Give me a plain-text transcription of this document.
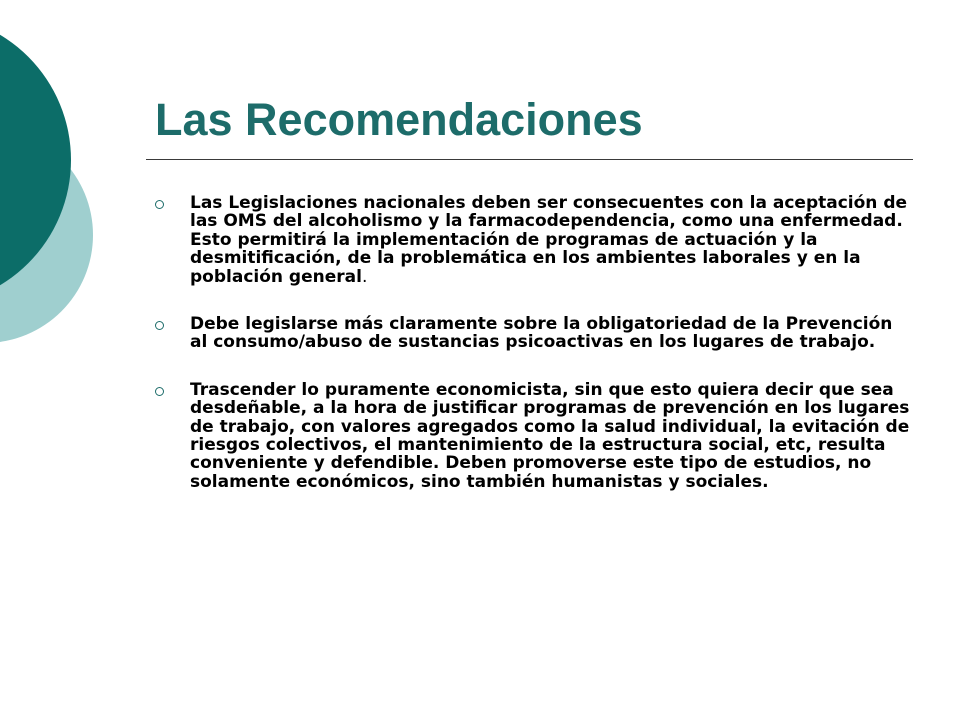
Las Recomendaciones
Las Legislaciones nacionales deben ser consecuentes con la aceptación de las OMS del alcoholismo y la farmacodependencia, como una enfermedad. Esto permitirá la implementación de programas de actuación y la desmitificación, de la problemática en los ambientes laborales y en la población general.
Debe legislarse más claramente sobre la obligatoriedad de la Prevención al consumo/abuso de sustancias psicoactivas en los lugares de trabajo.
Trascender lo puramente economicista, sin que esto quiera decir que sea desdeñable, a la hora de justificar programas de prevención en los lugares de trabajo, con valores agregados como la salud individual, la evitación de riesgos colectivos, el mantenimiento de la estructura social, etc, resulta conveniente y defendible. Deben promoverse este tipo de estudios, no solamente económicos, sino también humanistas y sociales.
